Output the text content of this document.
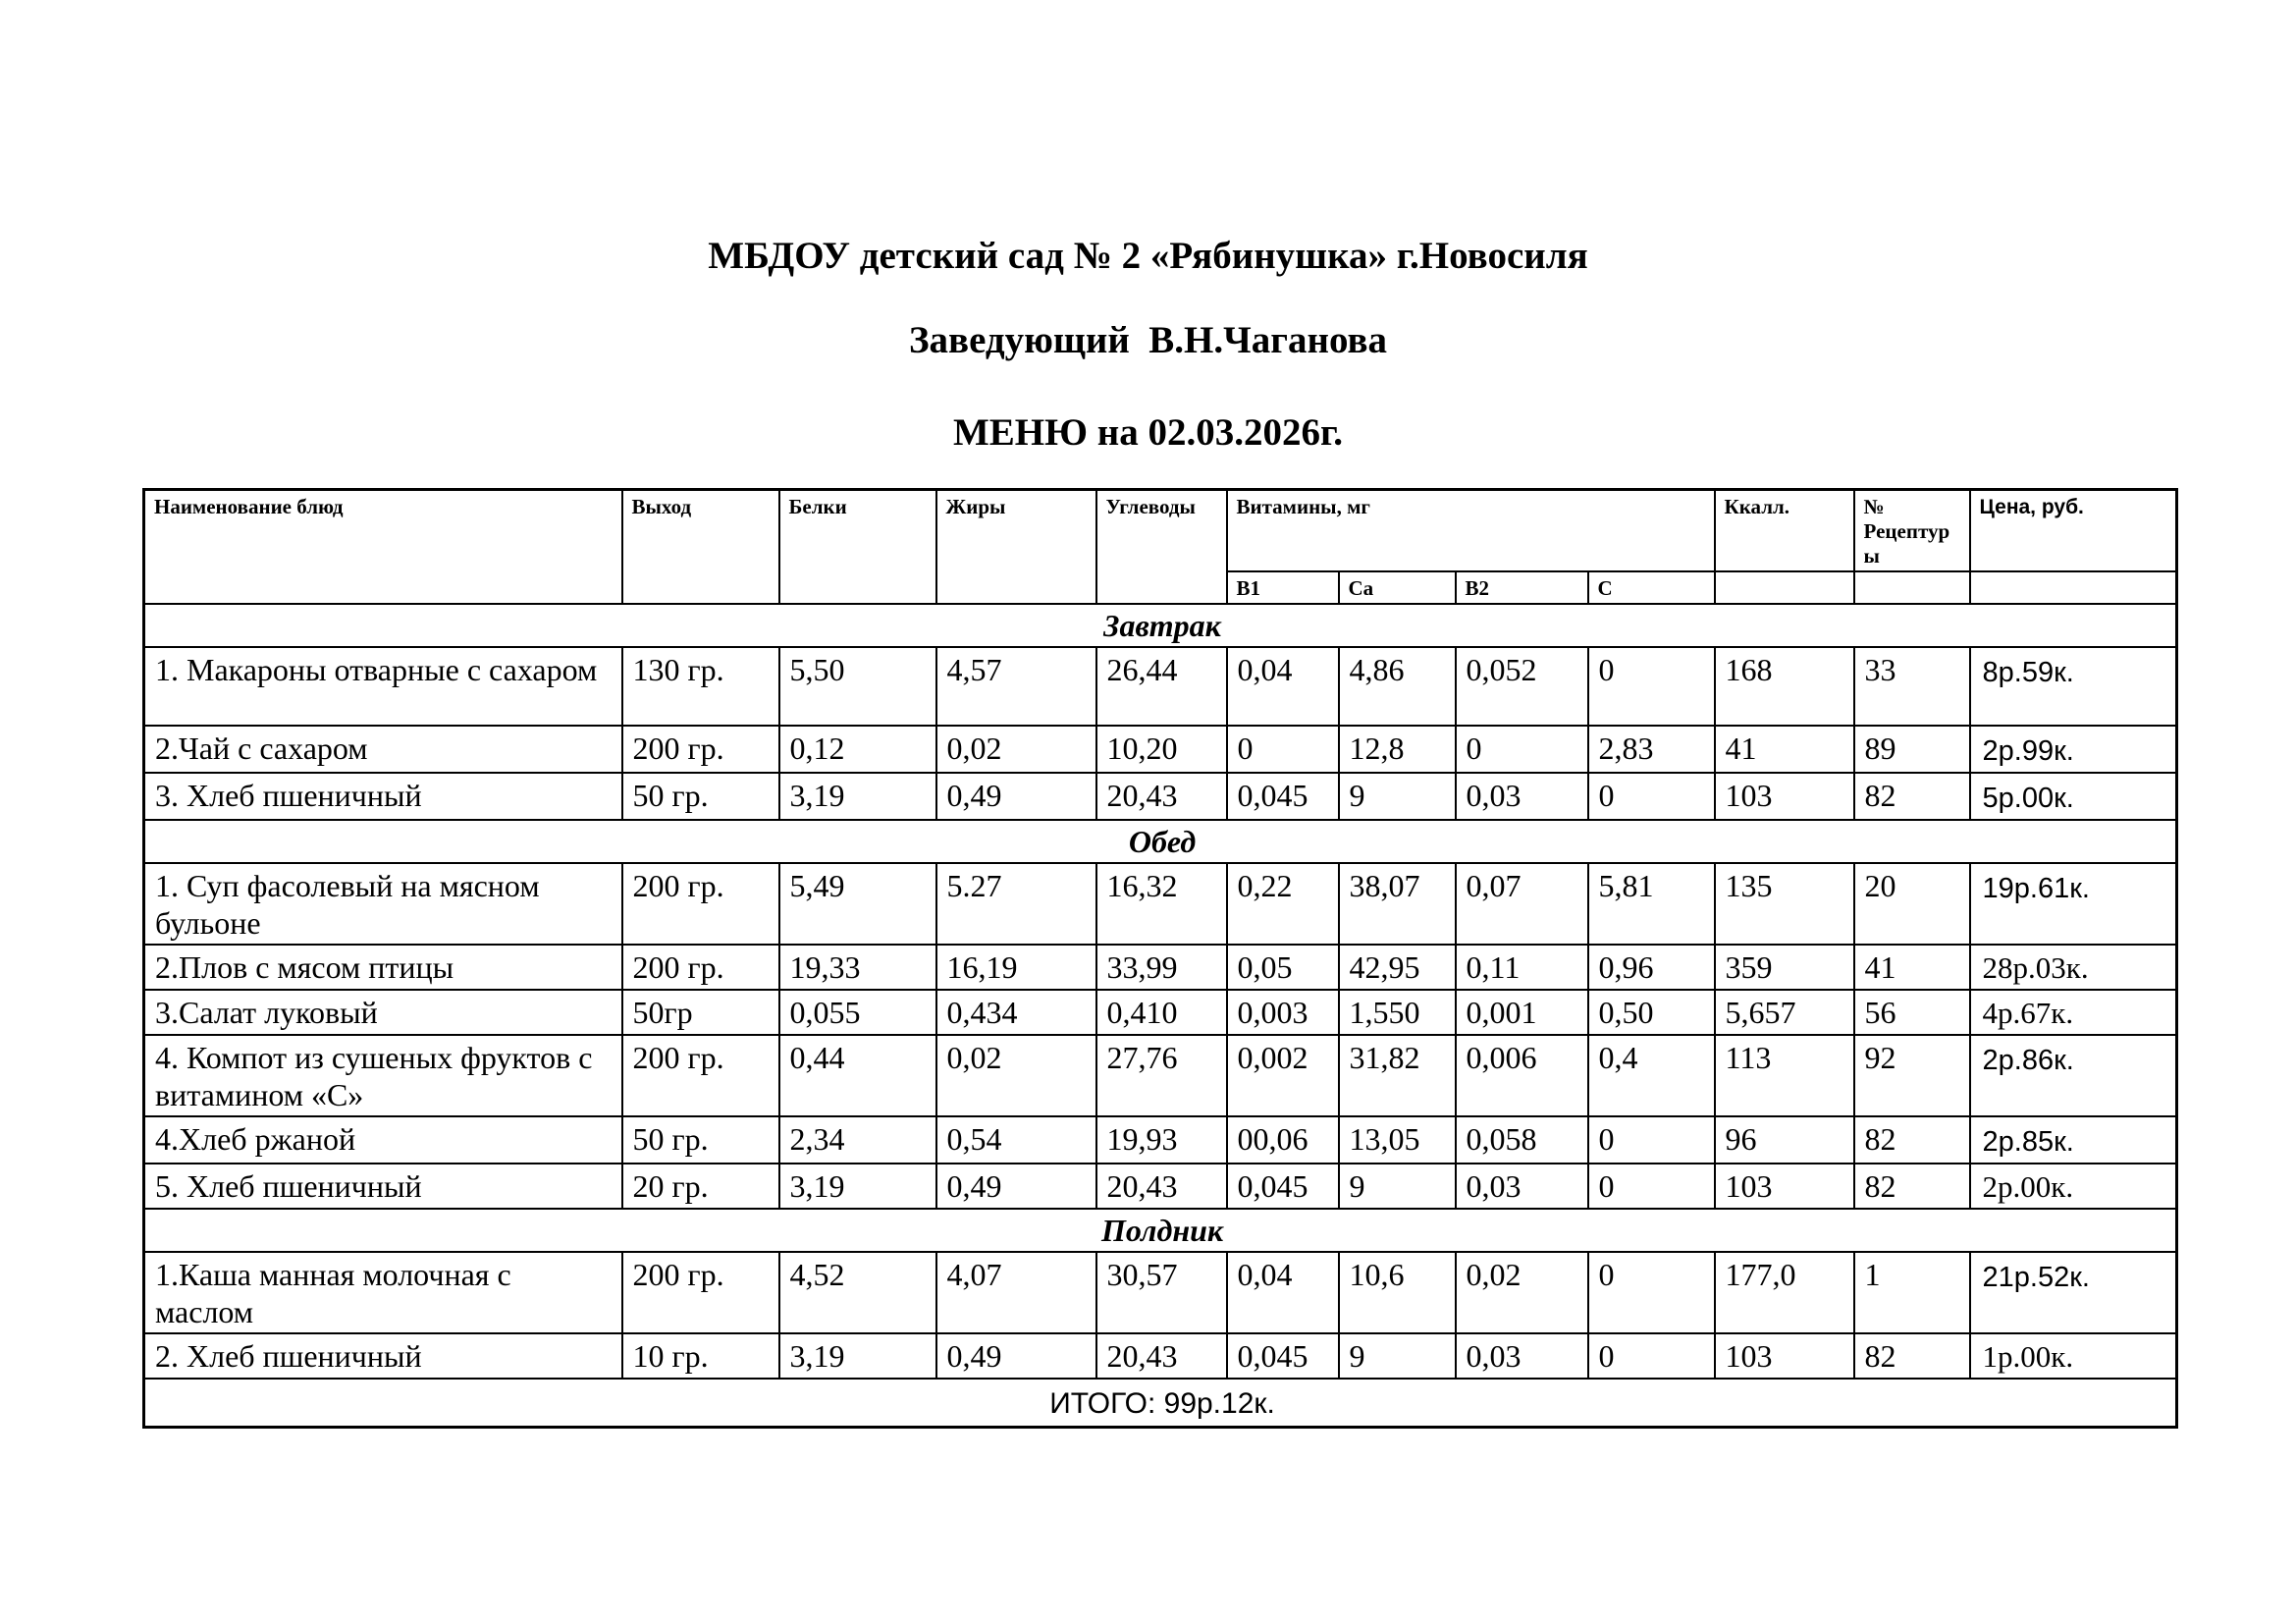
МБДОУ детский сад № 2 «Рябинушка» г.Новосиля
Заведующий  В.Н.Чаганова
МЕНЮ на 02.03.2026г.
Наименование блюд	Выход	Белки	Жиры	Углеводы	Витамины, мг				Ккалл.	№ Рецептуры	Цена, руб.
					В1	Са	В2	С			
Завтрак											
1. Макароны отварные с сахаром	130 гр.	5,50	4,57	26,44	0,04	4,86	0,052	0	168	33	8р.59к.
2.Чай с сахаром	200 гр.	0,12	0,02	10,20	0	12,8	0	2,83	41	89	2р.99к.
3. Хлеб пшеничный	50 гр.	3,19	0,49	20,43	0,045	9	0,03	0	103	82	5р.00к.
Обед											
1. Суп фасолевый на мясном бульоне	200 гр.	5,49	5.27	16,32	0,22	38,07	0,07	5,81	135	20	19р.61к.
2.Плов с мясом птицы	200 гр.	19,33	16,19	33,99	0,05	42,95	0,11	0,96	359	41	28р.03к.
3.Салат луковый	50гр	0,055	0,434	0,410	0,003	1,550	0,001	0,50	5,657	56	4р.67к.
4. Компот из сушеных фруктов с витамином «С»	200 гр.	0,44	0,02	27,76	0,002	31,82	0,006	0,4	113	92	2р.86к.
4.Хлеб ржаной	50 гр.	2,34	0,54	19,93	00,06	13,05	0,058	0	96	82	2р.85к.
5. Хлеб пшеничный	20 гр.	3,19	0,49	20,43	0,045	9	0,03	0	103	82	2р.00к.
Полдник											
1.Каша манная молочная с маслом	200 гр.	4,52	4,07	30,57	0,04	10,6	0,02	0	177,0	1	21р.52к.
2. Хлеб пшеничный	10 гр.	3,19	0,49	20,43	0,045	9	0,03	0	103	82	1р.00к.
ИТОГО: 99р.12к.											
